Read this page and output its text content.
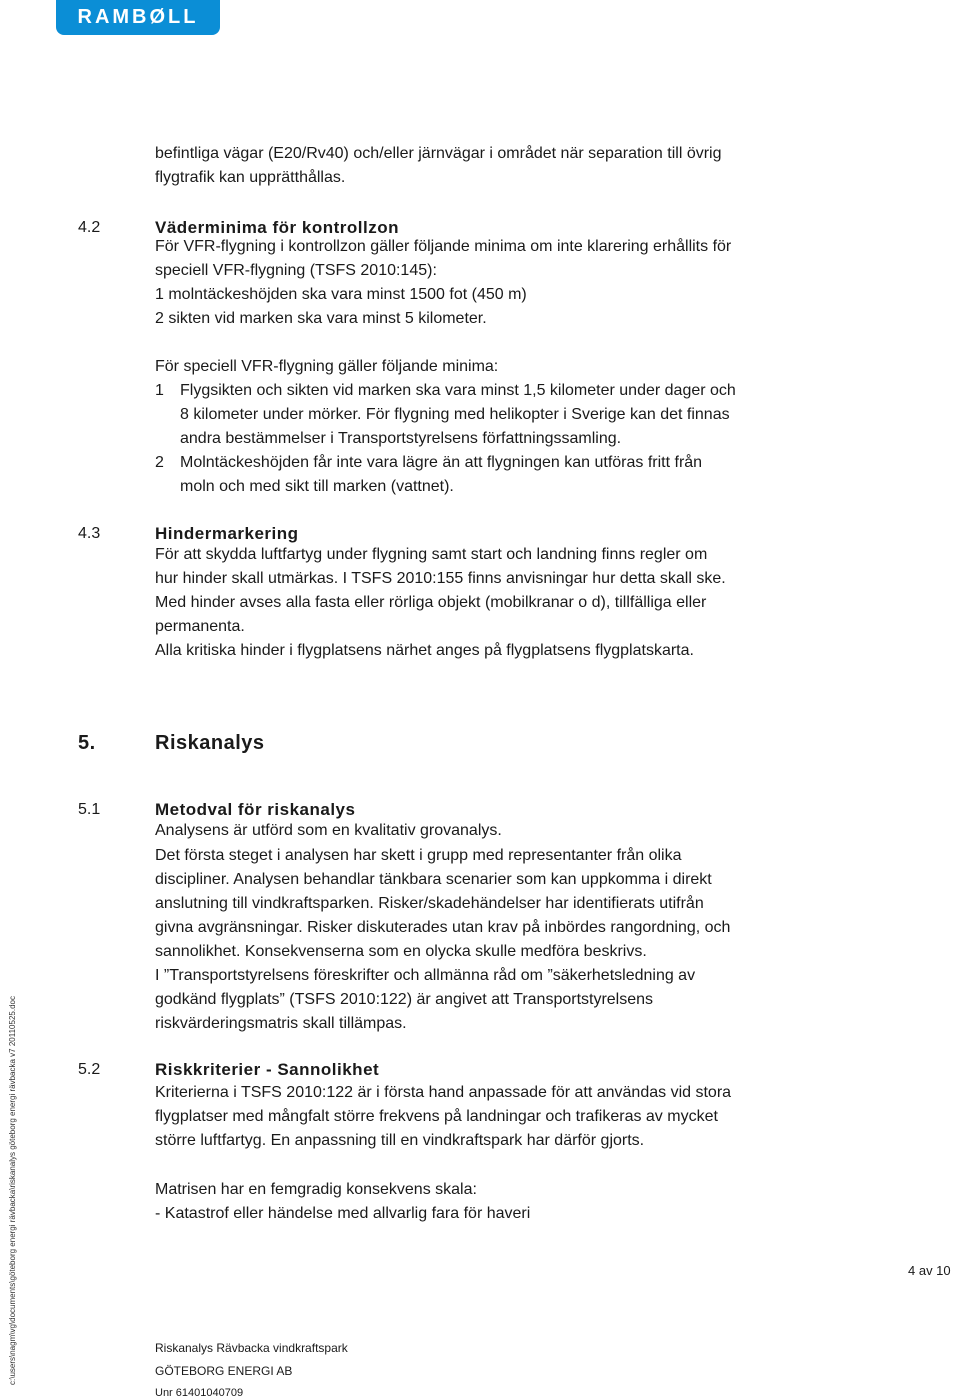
RAMBØLL
befintliga vägar (E20/Rv40) och/eller järnvägar i området när separation till övrig
flygtrafik kan upprätthållas.
4.2	Väderminima för kontrollzon
För VFR-flygning i kontrollzon gäller följande minima om inte klarering erhållits för
speciell VFR-flygning (TSFS 2010:145):
1 molntäckeshöjden ska vara minst 1500 fot (450 m)
2 sikten vid marken ska vara minst 5 kilometer.
För speciell VFR-flygning gäller följande minima:
1	Flygsikten och sikten vid marken ska vara minst 1,5 kilometer under dager och
8 kilometer under mörker. För flygning med helikopter i Sverige kan det finnas
andra bestämmelser i Transportstyrelsens författningssamling.
2	Molntäckeshöjden får inte vara lägre än att flygningen kan utföras fritt från
moln och med sikt till marken (vattnet).
4.3	Hindermarkering
För att skydda luftfartyg under flygning samt start och landning finns regler om
hur hinder skall utmärkas. I TSFS 2010:155 finns anvisningar hur detta skall ske.
Med hinder avses alla fasta eller rörliga objekt (mobilkranar o d), tillfälliga eller
permanenta.
Alla kritiska hinder i flygplatsens närhet anges på flygplatsens flygplatskarta.
5.	Riskanalys
5.1	Metodval för riskanalys
Analysens är utförd som en kvalitativ grovanalys.
Det första steget i analysen har skett i grupp med representanter från olika
discipliner. Analysen behandlar tänkbara scenarier som kan uppkomma i direkt
anslutning till vindkraftsparken. Risker/skadehändelser har identifierats utifrån
givna avgränsningar. Risker diskuterades utan krav på inbördes rangordning, och
sannolikhet. Konsekvenserna som en olycka skulle medföra beskrivs.
I ”Transportstyrelsens föreskrifter och allmänna råd om ”säkerhetsledning av
godkänd flygplats” (TSFS 2010:122) är angivet att Transportstyrelsens
riskvärderingsmatris skall tillämpas.
5.2	Riskkriterier - Sannolikhet
Kriterierna i TSFS 2010:122 är i första hand anpassade för att användas vid stora
flygplatser med mångfalt större frekvens på landningar och trafikeras av mycket
större luftfartyg. En anpassning till en vindkraftspark har därför gjorts.
Matrisen har en femgradig konsekvens skala:
- Katastrof eller händelse med allvarlig fara för haveri
4 av 10
Riskanalys Rävbacka vindkraftspark
GÖTEBORG ENERGI AB
Unr 61401040709
c:\users\nagm\vg\documents\göteborg energi rävbacka\riskanalys göteborg energi rävbacka v7 20110525.doc
